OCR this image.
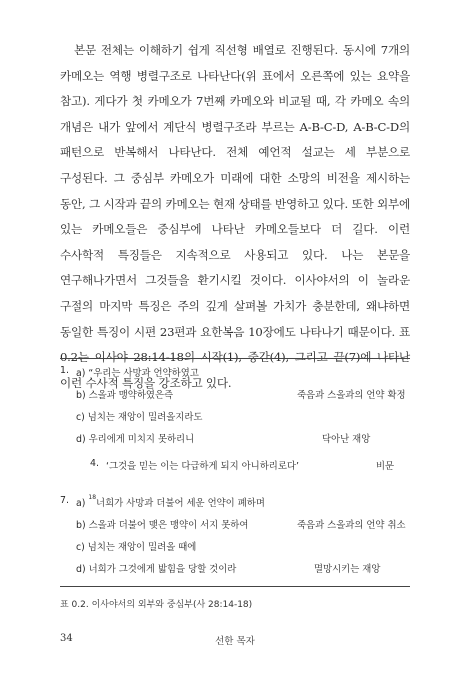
본문 전체는 이해하기 쉽게 직선형 배열로 진행된다. 동시에 7개의 카메오는 역행 병렬구조로 나타난다(위 표에서 오른쪽에 있는 요약을 참고). 게다가 첫 카메오가 7번째 카메오와 비교될 때, 각 카메오 속의 개념은 내가 앞에서 계단식 병렬구조라 부르는 A-B-C-D, A-B-C-D의 패턴으로 반복해서 나타난다. 전체 예언적 설교는 세 부분으로 구성된다. 그 중심부 카메오가 미래에 대한 소망의 비전을 제시하는 동안, 그 시작과 끝의 카메오는 현재 상태를 반영하고 있다. 또한 외부에 있는 카메오들은 중심부에 나타난 카메오들보다 더 길다. 이런 수사학적 특징들은 지속적으로 사용되고 있다. 나는 본문을 연구해나가면서 그것들을 환기시킬 것이다. 이사야서의 이 놀라운 구절의 마지막 특징은 주의 깊게 살펴볼 가치가 충분한데, 왜냐하면 동일한 특징이 시편 23편과 요한복음 10장에도 나타나기 때문이다. 표 0.2는 이사야 28:14-18의 시작(1), 중간(4), 그리고 끝(7)에 나타난 이런 수사적 특징을 강조하고 있다.

1. a) “우리는 사망과 언약하였고
b) 스올과 맹약하였은즉	죽음과 스올과의 언약 확정
c) 넘치는 재앙이 밀려올지라도
d) 우리에게 미치지 못하리니	닥아난 재앙
4. ‘그것을 믿는 이는 다급하게 되지 아니하리로다’	비문
7. a) $^{18}$너희가 사망과 더불어 세운 언약이 폐하며
b) 스올과 더불어 맺은 맹약이 서지 못하여	죽음과 스올과의 언약 취소
c) 넘치는 재앙이 밀려올 때에
d) 너희가 그것에게 밟힘을 당할 것이라	멸망시키는 재앙
표 0.2. 이사야서의 외부와 중심부(사 28:14-18)
34	선한 목자
